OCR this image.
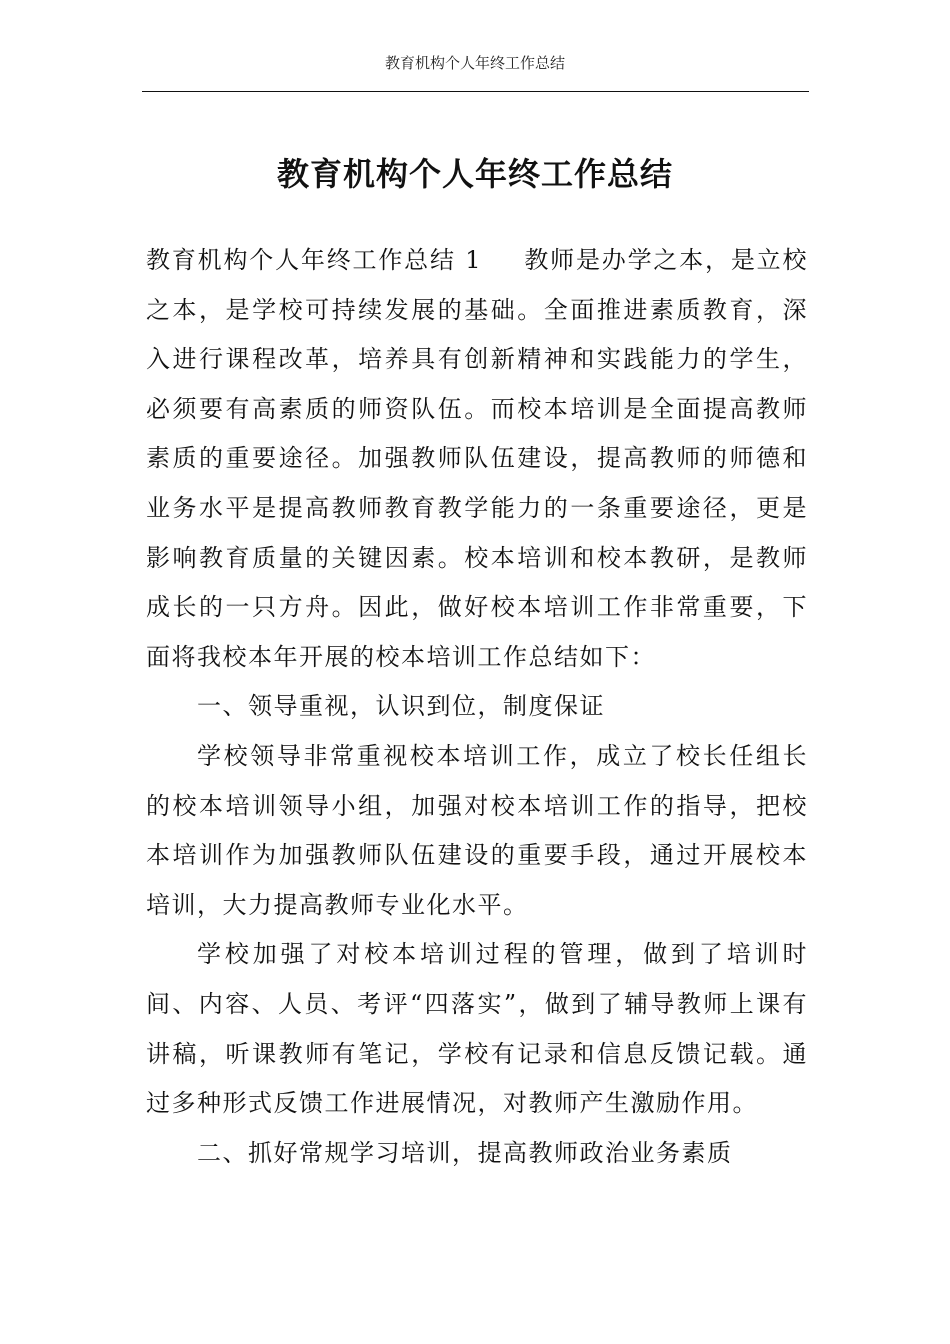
教育机构个人年终工作总结
教育机构个人年终工作总结

教育机构个人年终工作总结 1 教师是办学之本，是立校之本，是学校可持续发展的基础。全面推进素质教育，深入进行课程改革，培养具有创新精神和实践能力的学生，必须要有高素质的师资队伍。而校本培训是全面提高教师素质的重要途径。加强教师队伍建设，提高教师的师德和业务水平是提高教师教育教学能力的一条重要途径，更是影响教育质量的关键因素。校本培训和校本教研，是教师成长的一只方舟。因此，做好校本培训工作非常重要，下面将我校本年开展的校本培训工作总结如下：

一、领导重视，认识到位，制度保证

学校领导非常重视校本培训工作，成立了校长任组长的校本培训领导小组，加强对校本培训工作的指导，把校本培训作为加强教师队伍建设的重要手段，通过开展校本培训，大力提高教师专业化水平。

学校加强了对校本培训过程的管理，做到了培训时间、内容、人员、考评“四落实”，做到了辅导教师上课有讲稿，听课教师有笔记，学校有记录和信息反馈记载。通过多种形式反馈工作进展情况，对教师产生激励作用。

二、抓好常规学习培训，提高教师政治业务素质
